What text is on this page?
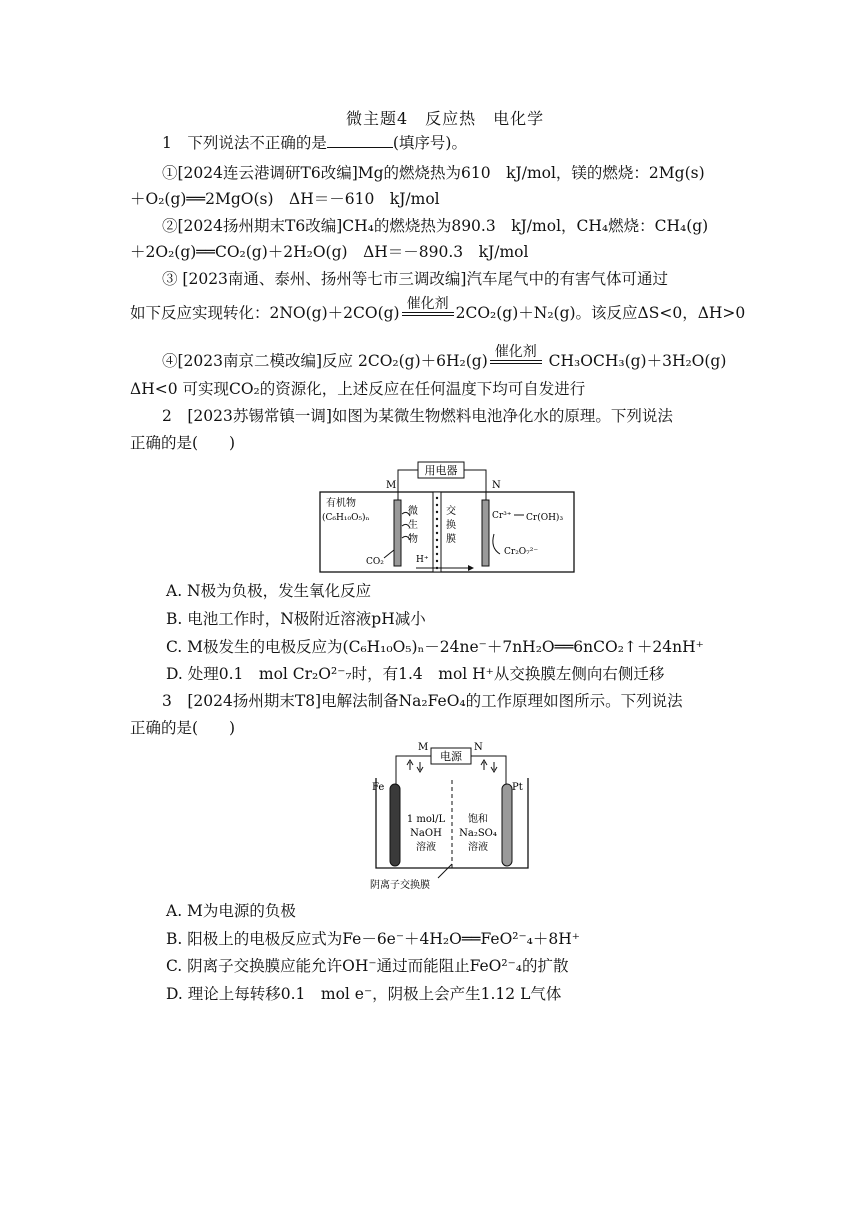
微主题4　反应热　电化学
1　下列说法不正确的是	(填序号)。
①[2024连云港调研T6改编]Mg的燃烧热为610　kJ/mol，镁的燃烧：2Mg(s)
＋O₂(g)══2MgO(s)　ΔH＝－610　kJ/mol
②[2024扬州期末T6改编]CH₄的燃烧热为890.3　kJ/mol，CH₄燃烧：CH₄(g)
＋2O₂(g)══CO₂(g)＋2H₂O(g)　ΔH＝－890.3　kJ/mol
③ [2023南通、泰州、扬州等七市三调改编]汽车尾气中的有害气体可通过
如下反应实现转化：2NO(g)＋2CO(g) 催化剂 2CO₂(g)＋N₂(g)。该反应ΔS<0，ΔH>0
④[2023南京二模改编]反应 2CO₂(g)＋6H₂(g) 催化剂 CH₃OCH₃(g)＋3H₂O(g)
ΔH<0 可实现CO₂的资源化，上述反应在任何温度下均可自发进行
2　[2023苏锡常镇一调]如图为某微生物燃料电池净化水的原理。下列说法
正确的是(　　)
用电器
M	N
有机物
(C₆H₁₀O₅)ₙ
微
生
物
交
换
膜
CO₂	H⁺
Cr³⁺ Cr(OH)₃
Cr₂O₇²⁻
A. N极为负极，发生氧化反应
B. 电池工作时，N极附近溶液pH减小
C. M极发生的电极反应为(C₆H₁₀O₅)ₙ－24ne⁻＋7nH₂O══6nCO₂↑＋24nH⁺
D. 处理0.1　mol Cr₂O²⁻₇时，有1.4　mol H⁺从交换膜左侧向右侧迁移
3　[2024扬州期末T8]电解法制备Na₂FeO₄的工作原理如图所示。下列说法
正确的是(　　)
电源
M	N
Fe	Pt
1 mol/L
NaOH
溶液
饱和
Na₂SO₄
溶液
阴离子交换膜
A. M为电源的负极
B. 阳极上的电极反应式为Fe－6e⁻＋4H₂O══FeO²⁻₄＋8H⁺
C. 阴离子交换膜应能允许OH⁻通过而能阻止FeO²⁻₄的扩散
D. 理论上每转移0.1　mol e⁻，阴极上会产生1.12 L气体
